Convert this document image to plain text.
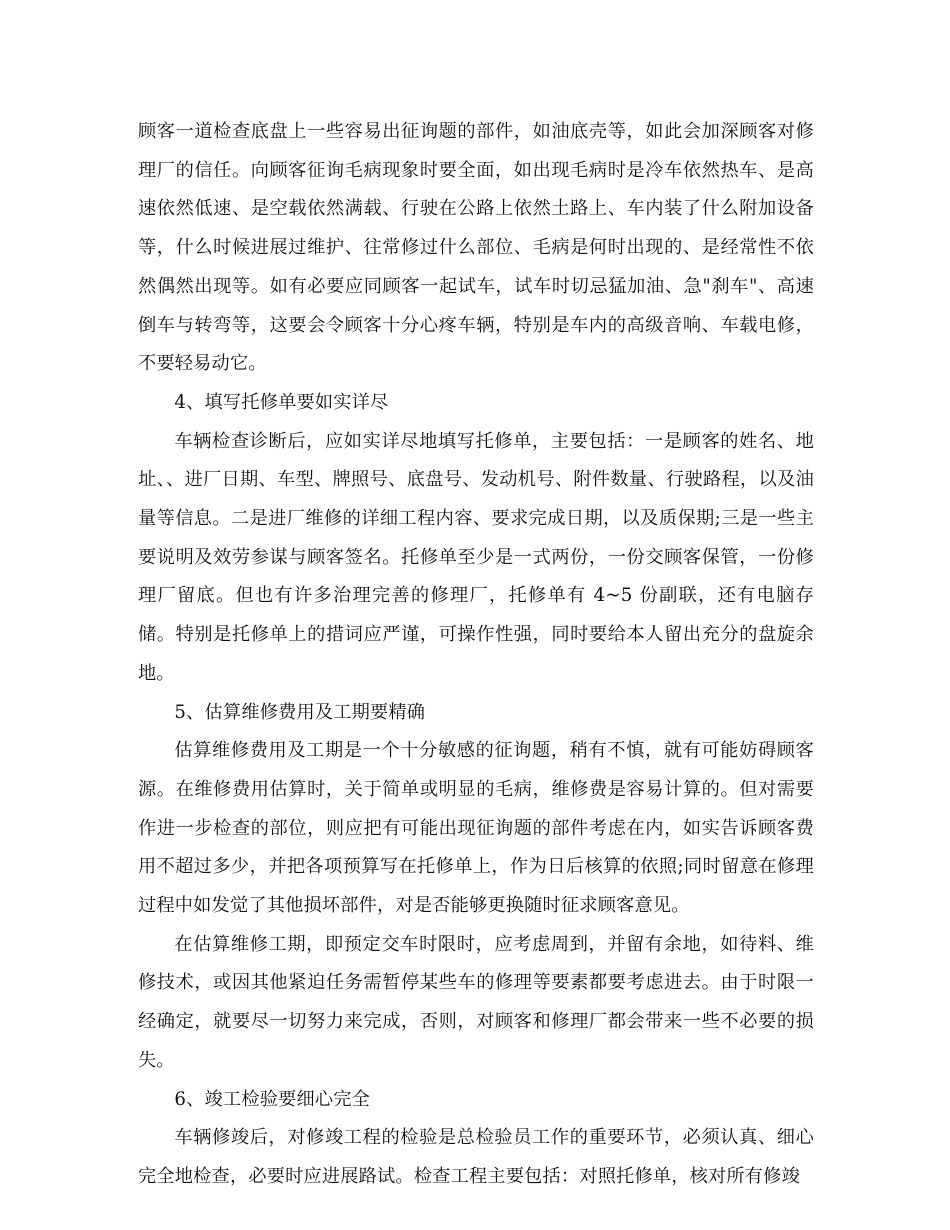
顾客一道检查底盘上一些容易出征询题的部件，如油底壳等，如此会加深顾客对修理厂的信任。向顾客征询毛病现象时要全面，如出现毛病时是冷车依然热车、是高速依然低速、是空载依然满载、行驶在公路上依然土路上、车内装了什么附加设备等，什么时候进展过维护、往常修过什么部位、毛病是何时出现的、是经常性不依然偶然出现等。如有必要应同顾客一起试车，试车时切忌猛加油、急"刹车"、高速倒车与转弯等，这要会令顾客十分心疼车辆，特别是车内的高级音响、车载电修，不要轻易动它。

4、填写托修单要如实详尽

车辆检查诊断后，应如实详尽地填写托修单，主要包括：一是顾客的姓名、地址、、进厂日期、车型、牌照号、底盘号、发动机号、附件数量、行驶路程，以及油量等信息。二是进厂维修的详细工程内容、要求完成日期，以及质保期;三是一些主要说明及效劳参谋与顾客签名。托修单至少是一式两份，一份交顾客保管，一份修理厂留底。但也有许多治理完善的修理厂，托修单有 4~5 份副联，还有电脑存储。特别是托修单上的措词应严谨，可操作性强，同时要给本人留出充分的盘旋余地。

5、估算维修费用及工期要精确

估算维修费用及工期是一个十分敏感的征询题，稍有不慎，就有可能妨碍顾客源。在维修费用估算时，关于简单或明显的毛病，维修费是容易计算的。但对需要作进一步检查的部位，则应把有可能出现征询题的部件考虑在内，如实告诉顾客费用不超过多少，并把各项预算写在托修单上，作为日后核算的依照;同时留意在修理过程中如发觉了其他损坏部件，对是否能够更换随时征求顾客意见。

在估算维修工期，即预定交车时限时，应考虑周到，并留有余地，如待料、维修技术，或因其他紧迫任务需暂停某些车的修理等要素都要考虑进去。由于时限一经确定，就要尽一切努力来完成，否则，对顾客和修理厂都会带来一些不必要的损失。

6、竣工检验要细心完全

车辆修竣后，对修竣工程的检验是总检验员工作的重要环节，必须认真、细心完全地检查，必要时应进展路试。检查工程主要包括：对照托修单，核对所有修竣
